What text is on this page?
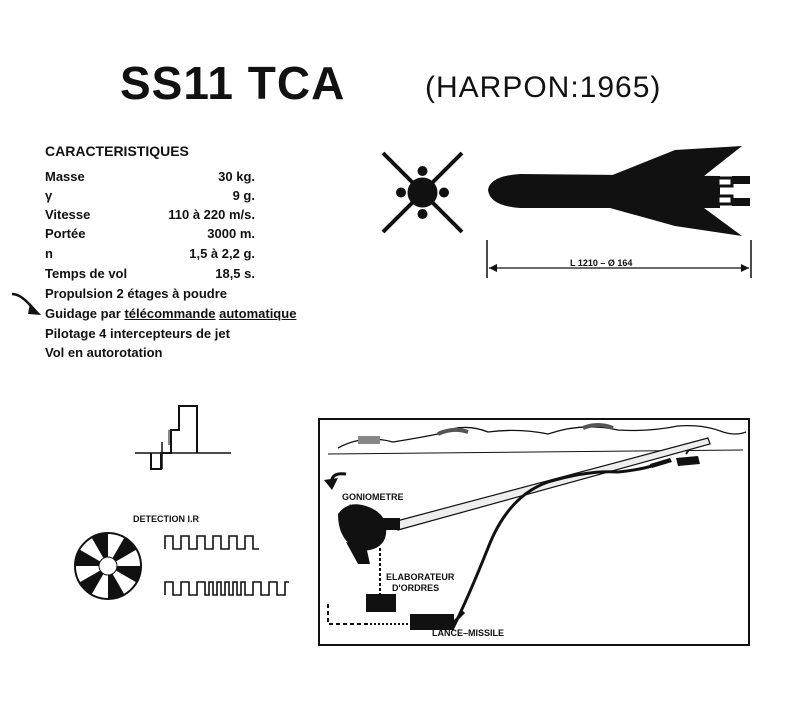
SS11 TCA	(HARPON:1965)
CARACTERISTIQUES
Masse	30 kg.
γ	9 g.
Vitesse	110 à 220 m/s.
Portée	3000 m.
n	1,5 à 2,2 g.
Temps de vol	18,5 s.
Propulsion 2 étages à poudre
Guidage par télécommande automatique
Pilotage 4 intercepteurs de jet
Vol en autorotation
L 1210 – Ø 164
DETECTION I.R
GONIOMETRE
I.R
ELABORATEUR
D'ORDRES
LANCE–MISSILE
